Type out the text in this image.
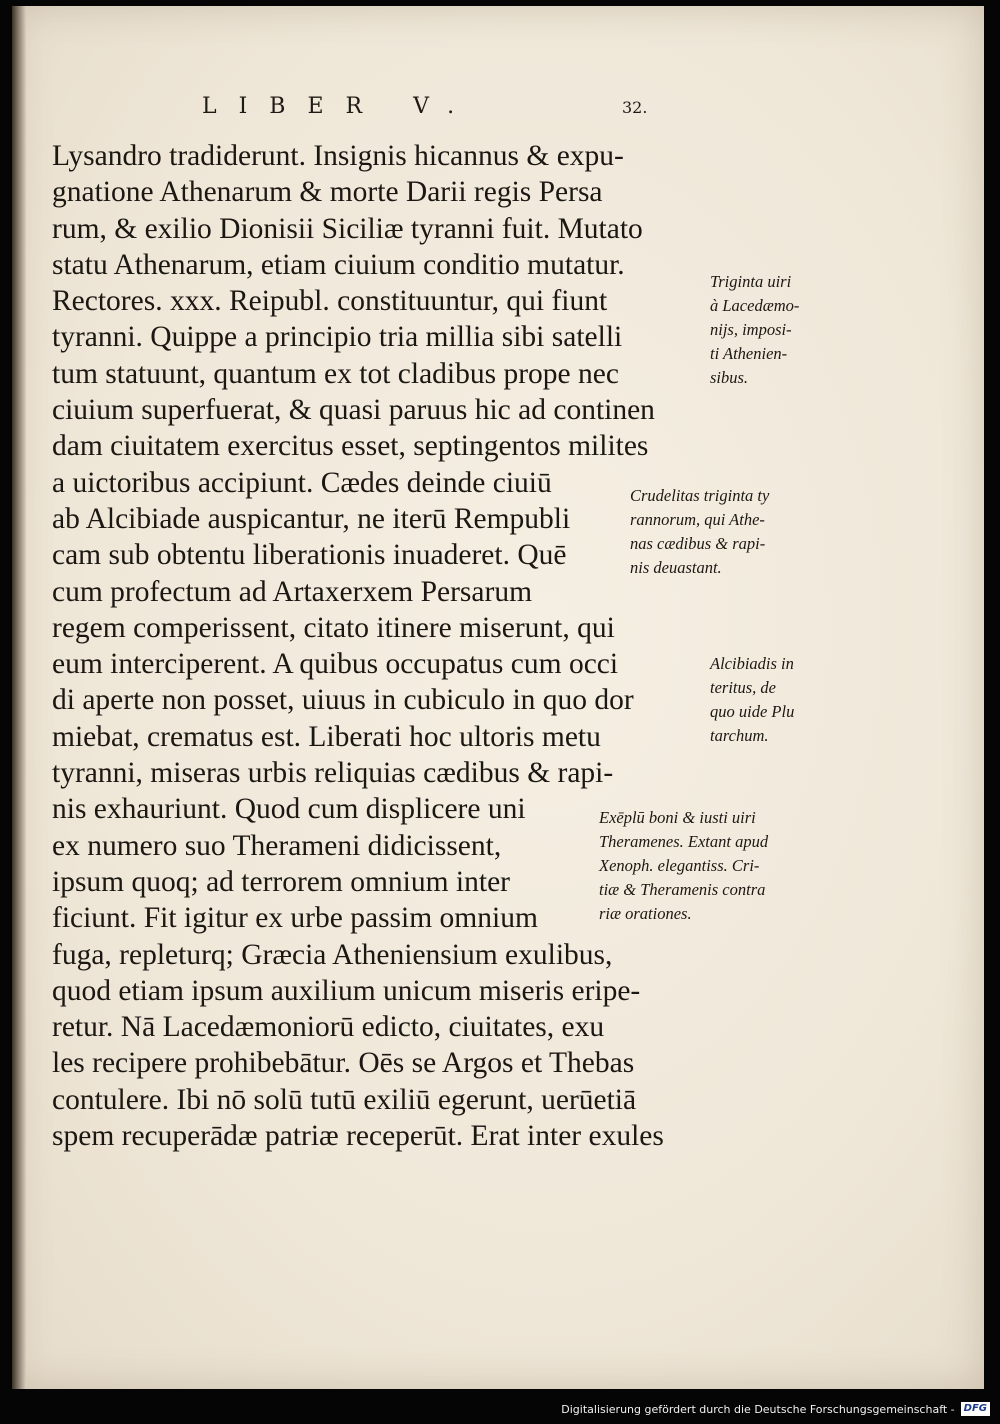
LIBER V.	32.
Lysandro tradiderunt. Insignis hicannus & expu-
gnatione Athenarum & morte Darii regis Persa
rum, & exilio Dionisii Siciliæ tyranni fuit. Mutato
statu Athenarum, etiam ciuium conditio mutatur.
Rectores. xxx. Reipubl. constituuntur, qui fiunt
tyranni. Quippe a principio tria millia sibi satelli
tum statuunt, quantum ex tot cladibus prope nec
ciuium superfuerat, & quasi paruus hic ad continen
dam ciuitatem exercitus esset, septingentos milites
a uictoribus accipiunt. Cædes deinde ciuiū
ab Alcibiade auspicantur, ne iterū Rempubli
cam sub obtentu liberationis inuaderet. Quē
cum profectum ad Artaxerxem Persarum
regem comperissent, citato itinere miserunt, qui
eum interciperent. A quibus occupatus cum occi
di aperte non posset, uiuus in cubiculo in quo dor
miebat, crematus est. Liberati hoc ultoris metu
tyranni, miseras urbis reliquias cædibus & rapi-
nis exhauriunt. Quod cum displicere uni
ex numero suo Therameni didicissent,
ipsum quoq; ad terrorem omnium inter
ficiunt. Fit igitur ex urbe passim omnium
fuga, repleturq; Græcia Atheniensium exulibus,
quod etiam ipsum auxilium unicum miseris eripe-
retur. Nā Lacedæmoniorū edicto, ciuitates, exu
les recipere prohibebātur. Oēs se Argos et Thebas
contulere. Ibi nō solū tutū exiliū egerunt, uerūetiā
spem recuperādæ patriæ receperūt. Erat inter exules
Triginta uiri
à Lacedæmo-
nijs, imposi-
ti Athenien-
sibus.
Crudelitas triginta ty
rannorum, qui Athe-
nas cædibus & rapi-
nis deuastant.
Alcibiadis in
teritus, de
quo uide Plu
tarchum.
Exēplū boni & iusti uiri
Theramenes. Extant apud
Xenoph. elegantiss. Cri-
tiæ & Theramenis contra
riæ orationes.
Digitalisierung gefördert durch die Deutsche Forschungsgemeinschaft - DFG
